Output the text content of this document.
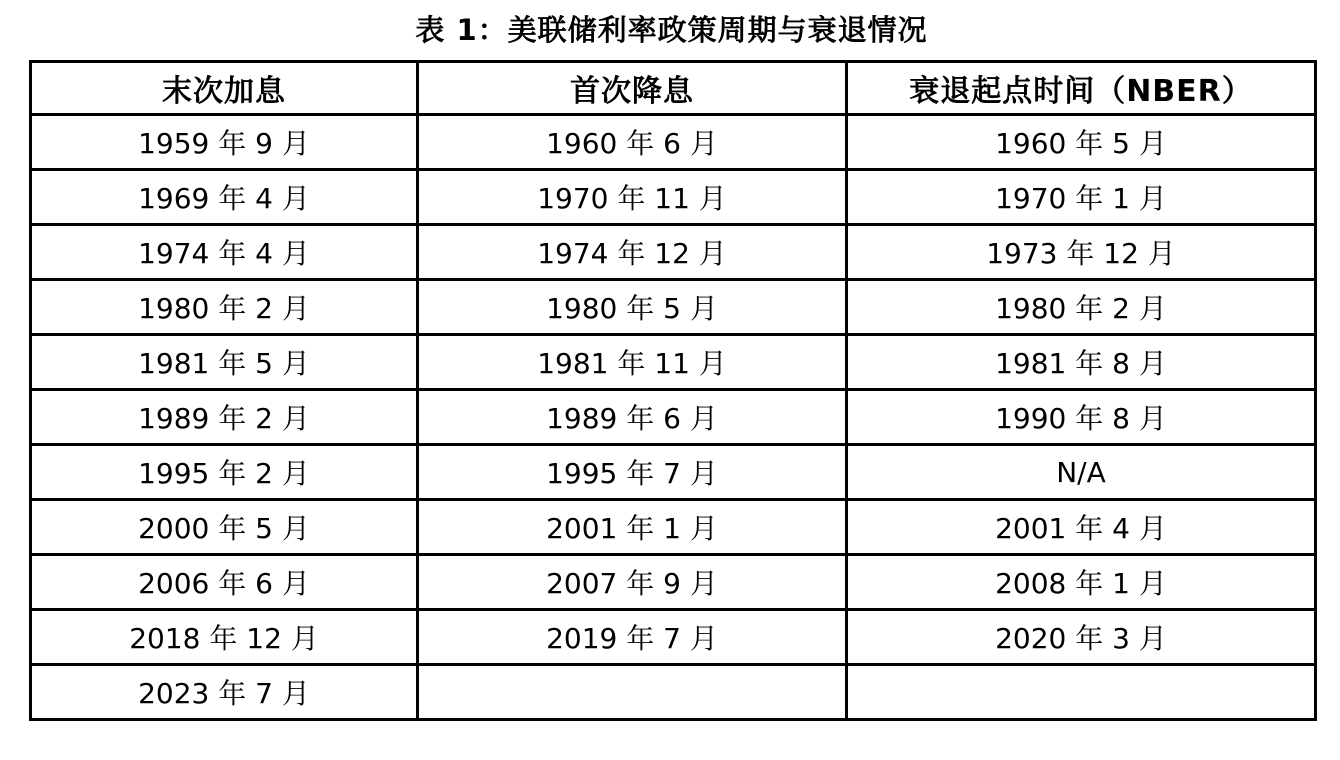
表 1：美联储利率政策周期与衰退情况
末次加息	首次降息	衰退起点时间（NBER）
1959 年 9 月	1960 年 6 月	1960 年 5 月
1969 年 4 月	1970 年 11 月	1970 年 1 月
1974 年 4 月	1974 年 12 月	1973 年 12 月
1980 年 2 月	1980 年 5 月	1980 年 2 月
1981 年 5 月	1981 年 11 月	1981 年 8 月
1989 年 2 月	1989 年 6 月	1990 年 8 月
1995 年 2 月	1995 年 7 月	N/A
2000 年 5 月	2001 年 1 月	2001 年 4 月
2006 年 6 月	2007 年 9 月	2008 年 1 月
2018 年 12 月	2019 年 7 月	2020 年 3 月
2023 年 7 月		
